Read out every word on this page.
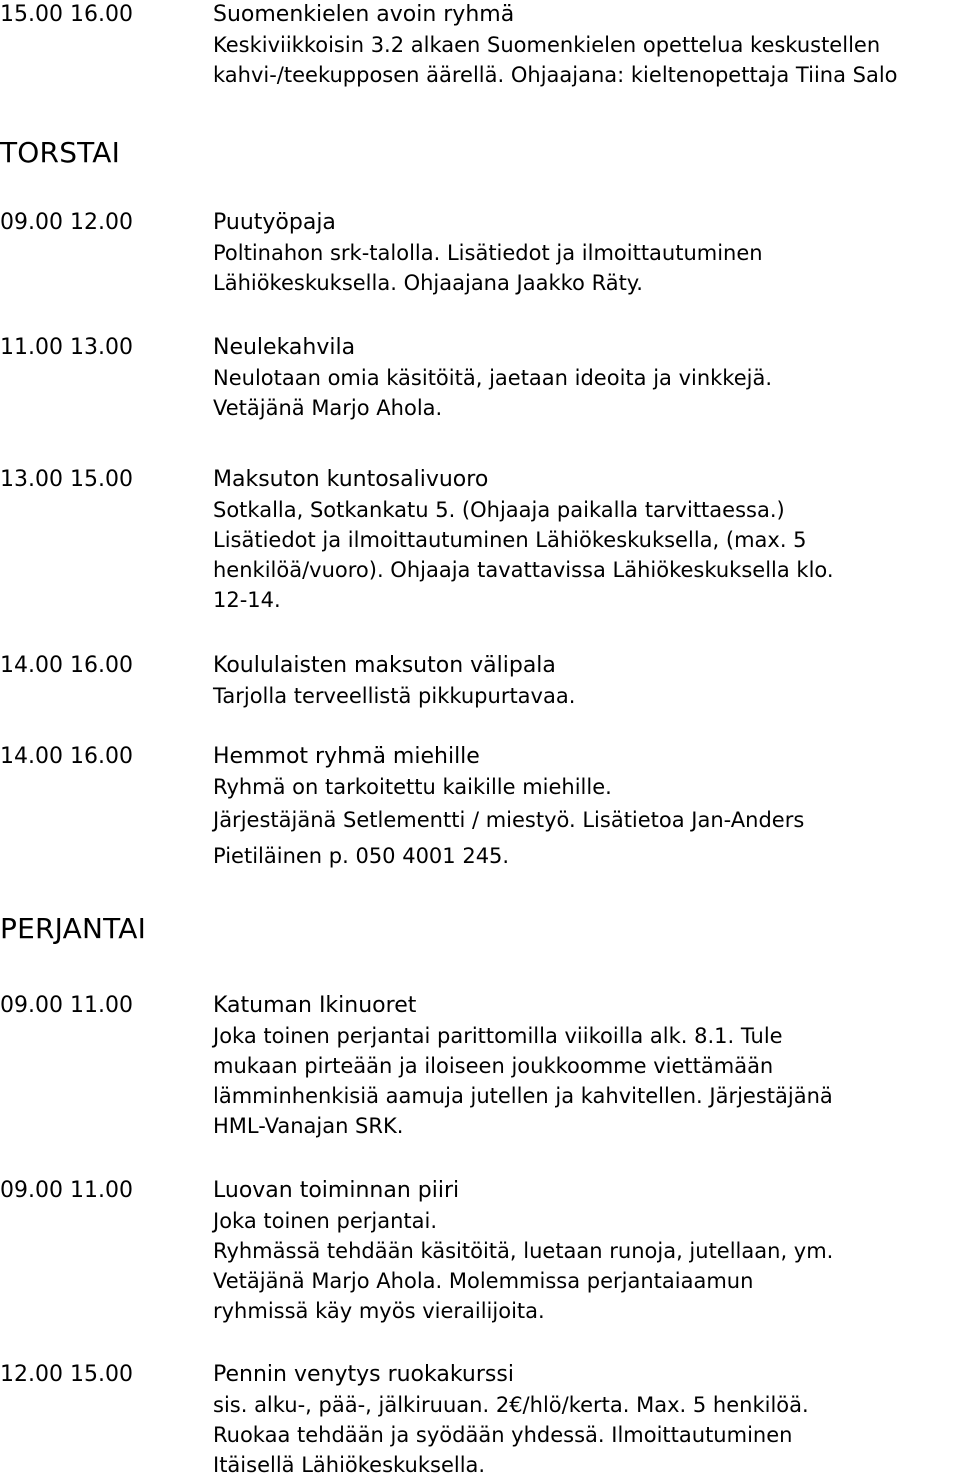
15.00 16.00	Suomenkielen avoin ryhmä
Keskiviikkoisin 3.2 alkaen Suomenkielen opettelua keskustellen
kahvi-/teekupposen äärellä. Ohjaajana: kieltenopettaja Tiina Salo
TORSTAI
09.00 12.00	Puutyöpaja
Poltinahon srk-talolla. Lisätiedot ja ilmoittautuminen
Lähiökeskuksella. Ohjaajana Jaakko Räty.
11.00 13.00	Neulekahvila
Neulotaan omia käsitöitä, jaetaan ideoita ja vinkkejä.
Vetäjänä Marjo Ahola.
13.00 15.00	Maksuton kuntosalivuoro
Sotkalla, Sotkankatu 5. (Ohjaaja paikalla tarvittaessa.)
Lisätiedot ja ilmoittautuminen Lähiökeskuksella, (max. 5
henkilöä/vuoro). Ohjaaja tavattavissa Lähiökeskuksella klo.
12-14.
14.00 16.00	Koululaisten maksuton välipala
Tarjolla terveellistä pikkupurtavaa.
14.00 16.00	Hemmot ryhmä miehille
Ryhmä on tarkoitettu kaikille miehille.
Järjestäjänä Setlementti / miestyö. Lisätietoa Jan-Anders
Pietiläinen p. 050 4001 245.
PERJANTAI
09.00 11.00	Katuman Ikinuoret
Joka toinen perjantai parittomilla viikoilla alk. 8.1. Tule
mukaan pirteään ja iloiseen joukkoomme viettämään
lämminhenkisiä aamuja jutellen ja kahvitellen. Järjestäjänä
HML-Vanajan SRK.
09.00 11.00	Luovan toiminnan piiri
Joka toinen perjantai.
Ryhmässä tehdään käsitöitä, luetaan runoja, jutellaan, ym.
Vetäjänä Marjo Ahola. Molemmissa perjantaiaamun
ryhmissä käy myös vierailijoita.
12.00 15.00	Pennin venytys ruokakurssi
sis. alku-, pää-, jälkiruuan. 2€/hlö/kerta. Max. 5 henkilöä.
Ruokaa tehdään ja syödään yhdessä. Ilmoittautuminen
Itäisellä Lähiökeskuksella.
